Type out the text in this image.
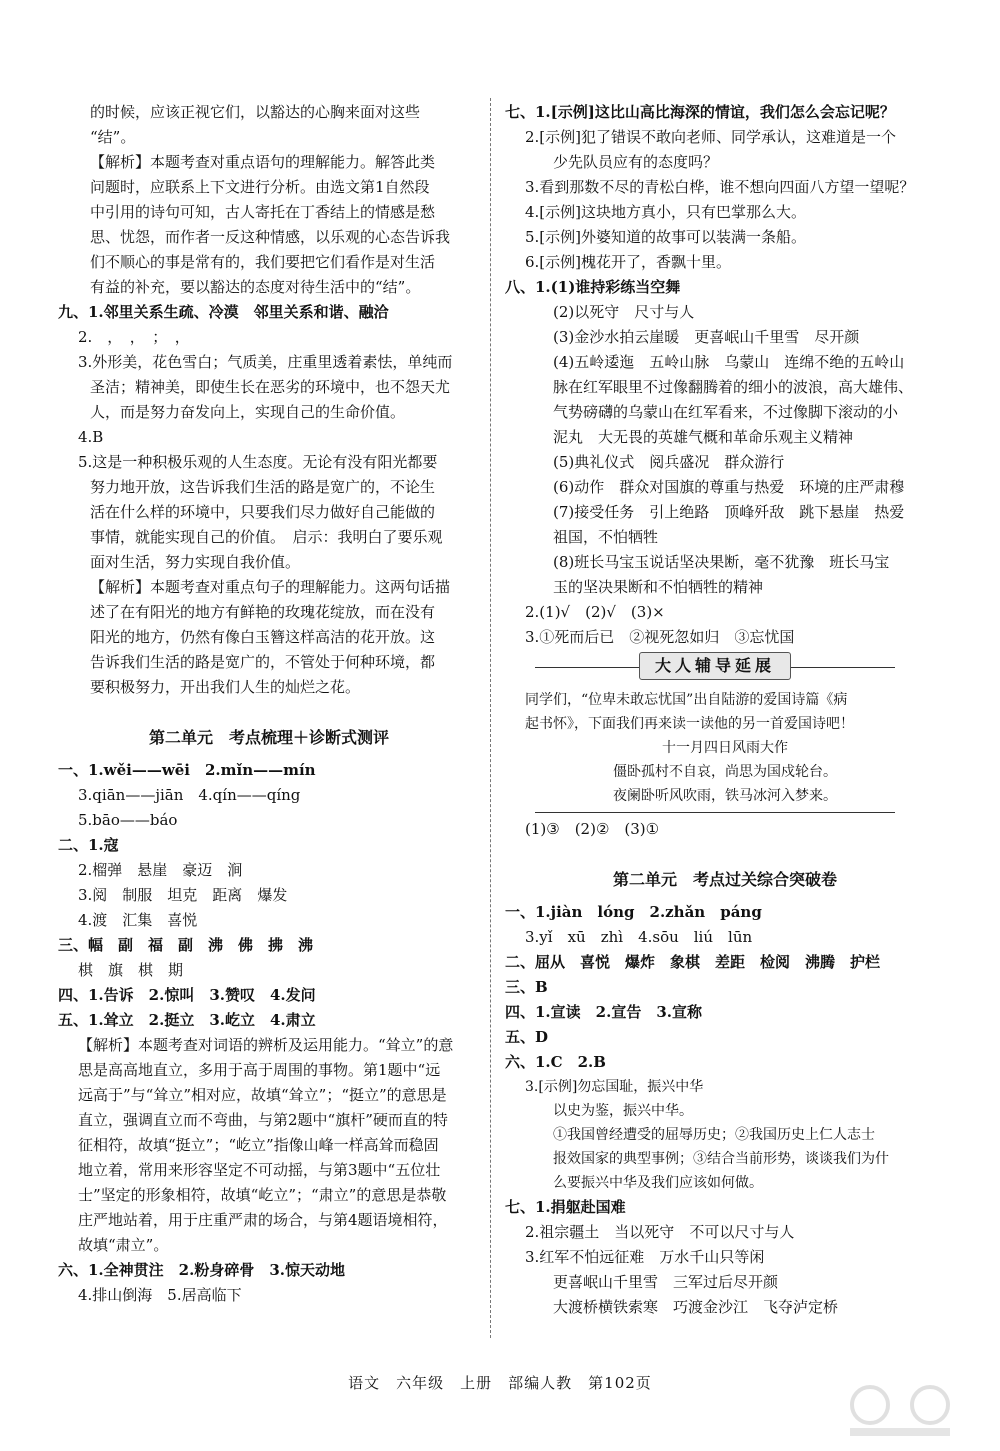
的时候，应该正视它们，以豁达的心胸来面对这些
“结”。
【解析】本题考查对重点语句的理解能力。解答此类
问题时，应联系上下文进行分析。由选文第1自然段
中引用的诗句可知，古人寄托在丁香结上的情感是愁
思、忧怨，而作者一反这种情感，以乐观的心态告诉我
们不顺心的事是常有的，我们要把它们看作是对生活
有益的补充，要以豁达的态度对待生活中的“结”。
九、1.邻里关系生疏、冷漠　邻里关系和谐、融洽
2.　，　，　；　，
3.外形美，花色雪白；气质美，庄重里透着素怯，单纯而
圣洁；精神美，即使生长在恶劣的环境中，也不怨天尤
人，而是努力奋发向上，实现自己的生命价值。
4.B
5.这是一种积极乐观的人生态度。无论有没有阳光都要
努力地开放，这告诉我们生活的路是宽广的，不论生
活在什么样的环境中，只要我们尽力做好自己能做的
事情，就能实现自己的价值。　启示：我明白了要乐观
面对生活，努力实现自我价值。
【解析】本题考查对重点句子的理解能力。这两句话描
述了在有阳光的地方有鲜艳的玫瑰花绽放，而在没有
阳光的地方，仍然有像白玉簪这样高洁的花开放。这
告诉我们生活的路是宽广的，不管处于何种环境，都
要积极努力，开出我们人生的灿烂之花。
第二单元　考点梳理＋诊断式测评
一、1.wěi——wēi　2.mǐn——mín
3.qiān——jiān　4.qín——qíng
5.bāo——báo
二、1.寇
2.榴弹　悬崖　豪迈　涧
3.阅　制服　坦克　距离　爆发
4.渡　汇集　喜悦
三、幅　副　福　副　沸　佛　拂　沸
棋　旗　棋　期
四、1.告诉　2.惊叫　3.赞叹　4.发问
五、1.耸立　2.挺立　3.屹立　4.肃立
【解析】本题考查对词语的辨析及运用能力。“耸立”的意
思是高高地直立，多用于高于周围的事物。第1题中“远
远高于”与“耸立”相对应，故填“耸立”；“挺立”的意思是
直立，强调直立而不弯曲，与第2题中“旗杆”硬而直的特
征相符，故填“挺立”；“屹立”指像山峰一样高耸而稳固
地立着，常用来形容坚定不可动摇，与第3题中“五位壮
士”坚定的形象相符，故填“屹立”；“肃立”的意思是恭敬
庄严地站着，用于庄重严肃的场合，与第4题语境相符，
故填“肃立”。
六、1.全神贯注　2.粉身碎骨　3.惊天动地
4.排山倒海　5.居高临下
七、1.[示例]这比山高比海深的情谊，我们怎么会忘记呢？
2.[示例]犯了错误不敢向老师、同学承认，这难道是一个
少先队员应有的态度吗？
3.看到那数不尽的青松白桦，谁不想向四面八方望一望呢？
4.[示例]这块地方真小，只有巴掌那么大。
5.[示例]外婆知道的故事可以装满一条船。
6.[示例]槐花开了，香飘十里。
八、1.(1)谁持彩练当空舞
(2)以死守　尺寸与人
(3)金沙水拍云崖暖　更喜岷山千里雪　尽开颜
(4)五岭逶迤　五岭山脉　乌蒙山　连绵不绝的五岭山
脉在红军眼里不过像翻腾着的细小的波浪，高大雄伟、
气势磅礴的乌蒙山在红军看来，不过像脚下滚动的小
泥丸　大无畏的英雄气概和革命乐观主义精神
(5)典礼仪式　阅兵盛况　群众游行
(6)动作　群众对国旗的尊重与热爱　环境的庄严肃穆
(7)接受任务　引上绝路　顶峰歼敌　跳下悬崖　热爱
祖国，不怕牺牲
(8)班长马宝玉说话坚决果断，毫不犹豫　班长马宝
玉的坚决果断和不怕牺牲的精神
2.(1)√　(2)√　(3)×
3.①死而后已　②视死忽如归　③忘忧国
大人辅导延展
同学们，“位卑未敢忘忧国”出自陆游的爱国诗篇《病
起书怀》，下面我们再来读一读他的另一首爱国诗吧！
十一月四日风雨大作
僵卧孤村不自哀，尚思为国戍轮台。
夜阑卧听风吹雨，铁马冰河入梦来。
(1)③　(2)②　(3)①
第二单元　考点过关综合突破卷
一、1.jiàn　lóng　2.zhǎn　páng
3.yǐ　xū　zhì　4.sōu　liú　lūn
二、屈从　喜悦　爆炸　象棋　差距　检阅　沸腾　护栏
三、B
四、1.宣读　2.宣告　3.宣称
五、D
六、1.C　2.B
3.[示例]勿忘国耻，振兴中华
以史为鉴，振兴中华。
①我国曾经遭受的屈辱历史；②我国历史上仁人志士
报效国家的典型事例；③结合当前形势，谈谈我们为什
么要振兴中华及我们应该如何做。
七、1.捐躯赴国难
2.祖宗疆土　当以死守　不可以尺寸与人
3.红军不怕远征难　万水千山只等闲
更喜岷山千里雪　三军过后尽开颜
大渡桥横铁索寒　巧渡金沙江　飞夺泸定桥
语文　六年级　上册　部编人教　第102页
